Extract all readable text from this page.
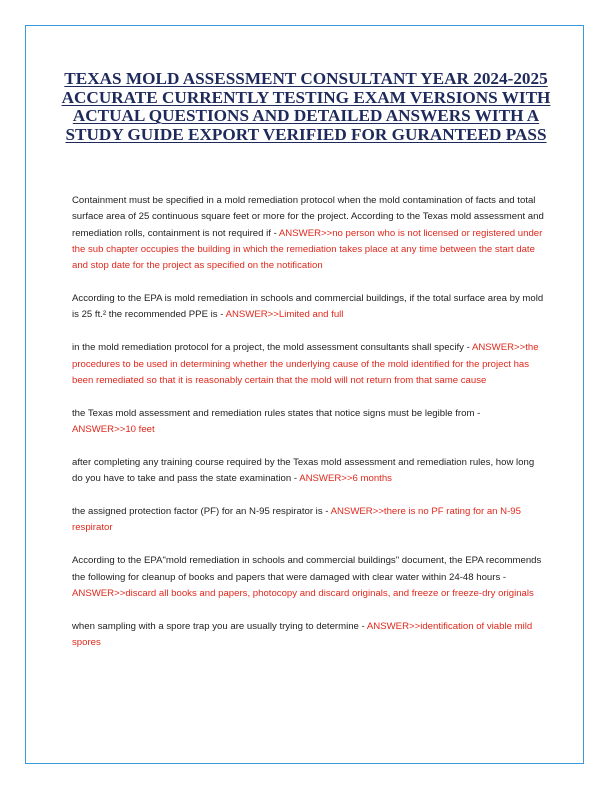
TEXAS MOLD ASSESSMENT CONSULTANT YEAR 2024-2025 ACCURATE CURRENTLY TESTING EXAM VERSIONS WITH ACTUAL QUESTIONS AND DETAILED ANSWERS WITH A STUDY GUIDE EXPORT VERIFIED FOR GURANTEED PASS

Containment must be specified in a mold remediation protocol when the mold contamination of facts and total surface area of 25 continuous square feet or more for the project. According to the Texas mold assessment and remediation rolls, containment is not required if - ANSWER>>no person who is not licensed or registered under the sub chapter occupies the building in which the remediation takes place at any time between the start date and stop date for the project as specified on the notification

According to the EPA is mold remediation in schools and commercial buildings, if the total surface area by mold is 25 ft.² the recommended PPE is - ANSWER>>Limited and full

in the mold remediation protocol for a project, the mold assessment consultants shall specify - ANSWER>>the procedures to be used in determining whether the underlying cause of the mold identified for the project has been remediated so that it is reasonably certain that the mold will not return from that same cause

the Texas mold assessment and remediation rules states that notice signs must be legible from - ANSWER>>10 feet

after completing any training course required by the Texas mold assessment and remediation rules, how long do you have to take and pass the state examination - ANSWER>>6 months

the assigned protection factor (PF) for an N-95 respirator is - ANSWER>>there is no PF rating for an N-95 respirator

According to the EPA"mold remediation in schools and commercial buildings" document, the EPA recommends the following for cleanup of books and papers that were damaged with clear water within 24-48 hours - ANSWER>>discard all books and papers, photocopy and discard originals, and freeze or freeze-dry originals

when sampling with a spore trap you are usually trying to determine - ANSWER>>identification of viable mild spores
